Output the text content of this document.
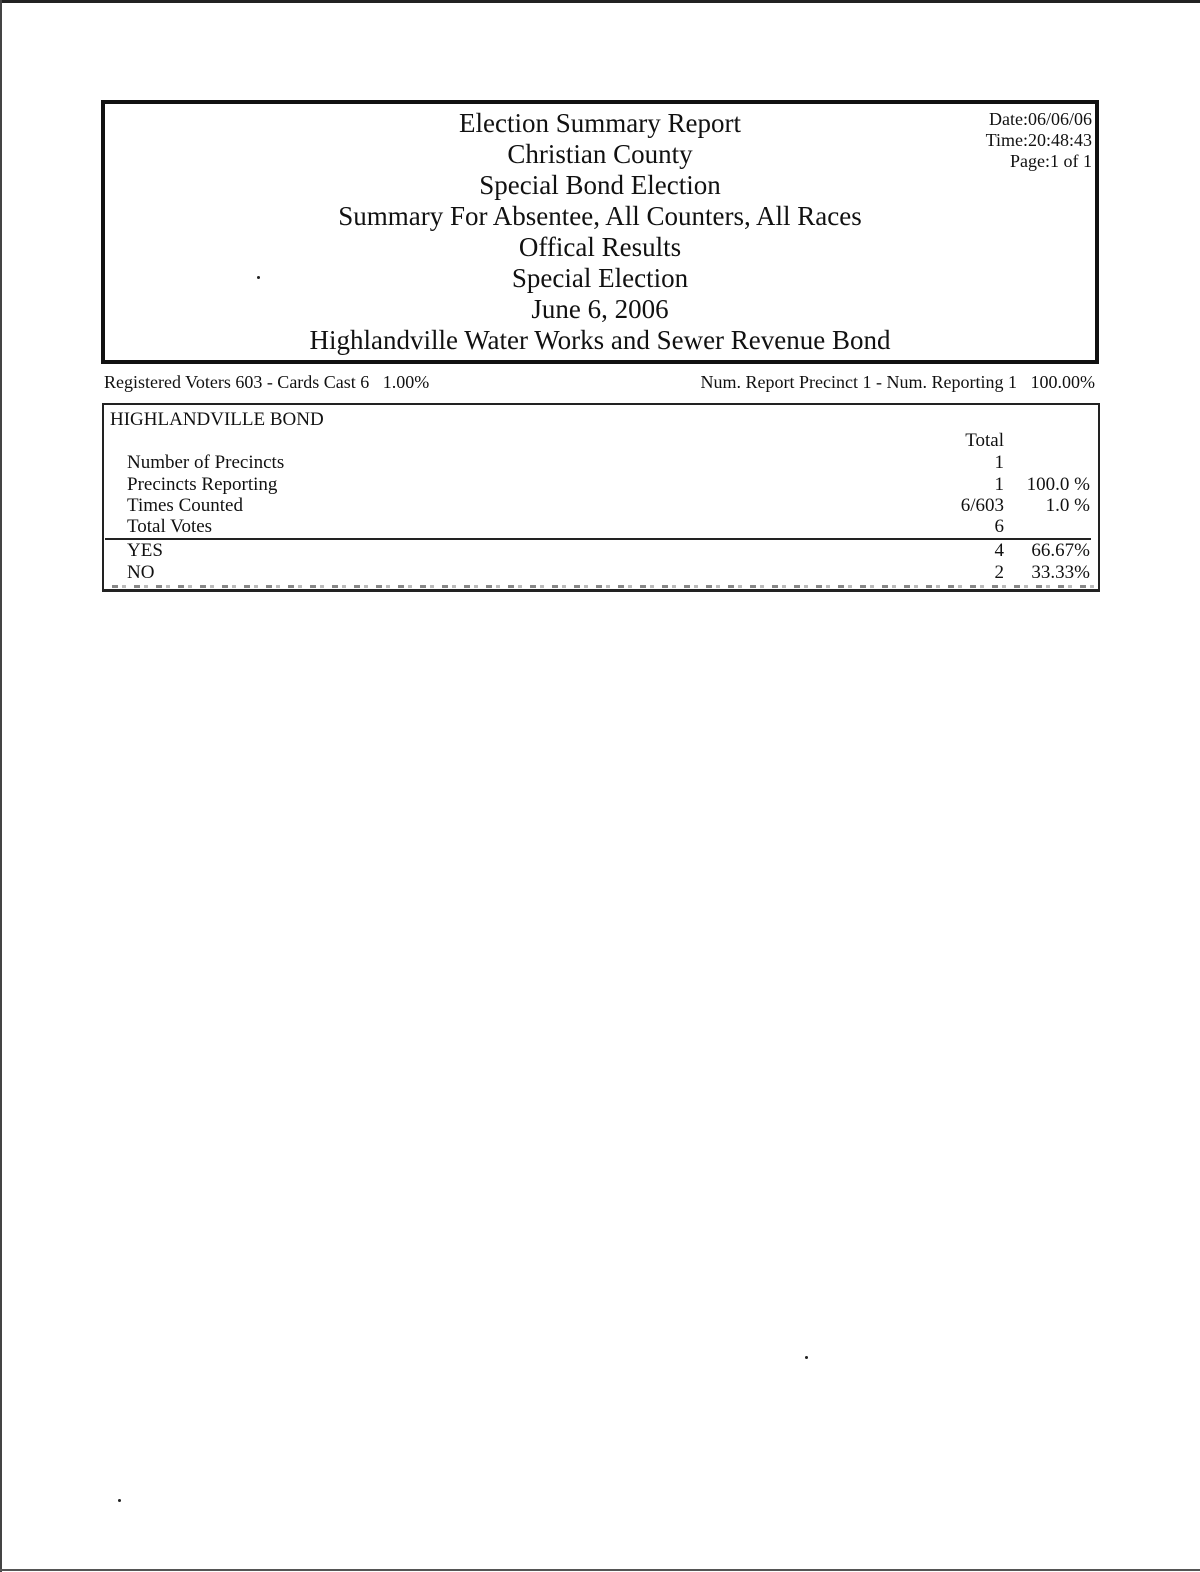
Election Summary Report
Christian County
Special Bond Election
Summary For Absentee, All Counters, All Races
Offical Results
Special Election
June 6, 2006
Highlandville Water Works and Sewer Revenue Bond
Date:06/06/06
Time:20:48:43
Page:1 of 1
Registered Voters 603 - Cards Cast 6   1.00%	Num. Report Precinct 1 - Num. Reporting 1   100.00%
HIGHLANDVILLE BOND
Total
Number of Precincts	1
Precincts Reporting	1	100.0 %
Times Counted	6/603	1.0 %
Total Votes	6
YES	4	66.67%
NO	2	33.33%
